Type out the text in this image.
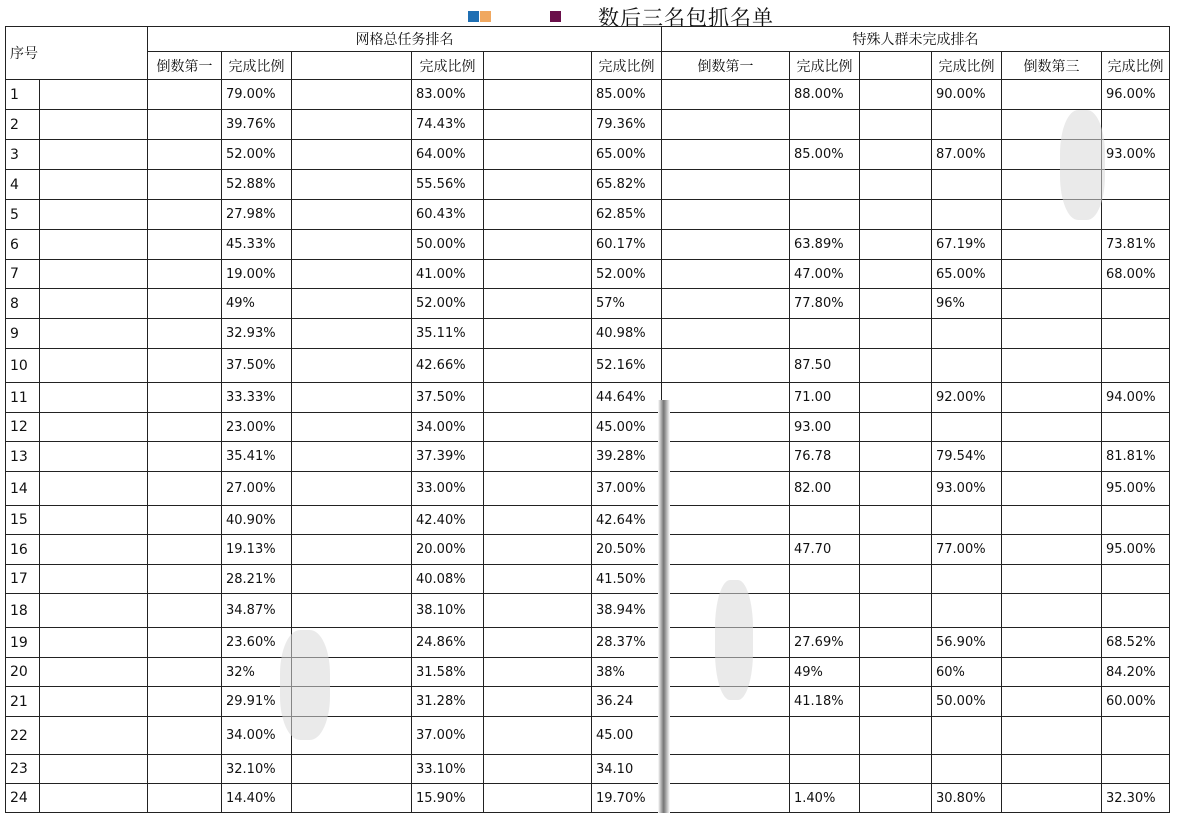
数后三名包抓名单
序号		网格总任务排名						特殊人群未完成排名					
		倒数第一	完成比例		完成比例		完成比例	倒数第一	完成比例		完成比例	倒数第三	完成比例
1			79.00%		83.00%		85.00%		88.00%		90.00%		96.00%
2			39.76%		74.43%		79.36%						
3			52.00%		64.00%		65.00%		85.00%		87.00%		93.00%
4			52.88%		55.56%		65.82%						
5			27.98%		60.43%		62.85%						
6			45.33%		50.00%		60.17%		63.89%		67.19%		73.81%
7			19.00%		41.00%		52.00%		47.00%		65.00%		68.00%
8			49%		52.00%		57%		77.80%		96%		
9			32.93%		35.11%		40.98%						
10			37.50%		42.66%		52.16%		87.50				
11			33.33%		37.50%		44.64%		71.00		92.00%		94.00%
12			23.00%		34.00%		45.00%		93.00				
13			35.41%		37.39%		39.28%		76.78		79.54%		81.81%
14			27.00%		33.00%		37.00%		82.00		93.00%		95.00%
15			40.90%		42.40%		42.64%						
16			19.13%		20.00%		20.50%		47.70		77.00%		95.00%
17			28.21%		40.08%		41.50%						
18			34.87%		38.10%		38.94%						
19			23.60%		24.86%		28.37%		27.69%		56.90%		68.52%
20			32%		31.58%		38%		49%		60%		84.20%
21			29.91%		31.28%		36.24		41.18%		50.00%		60.00%
22			34.00%		37.00%		45.00						
23			32.10%		33.10%		34.10						
24			14.40%		15.90%		19.70%		1.40%		30.80%		32.30%
